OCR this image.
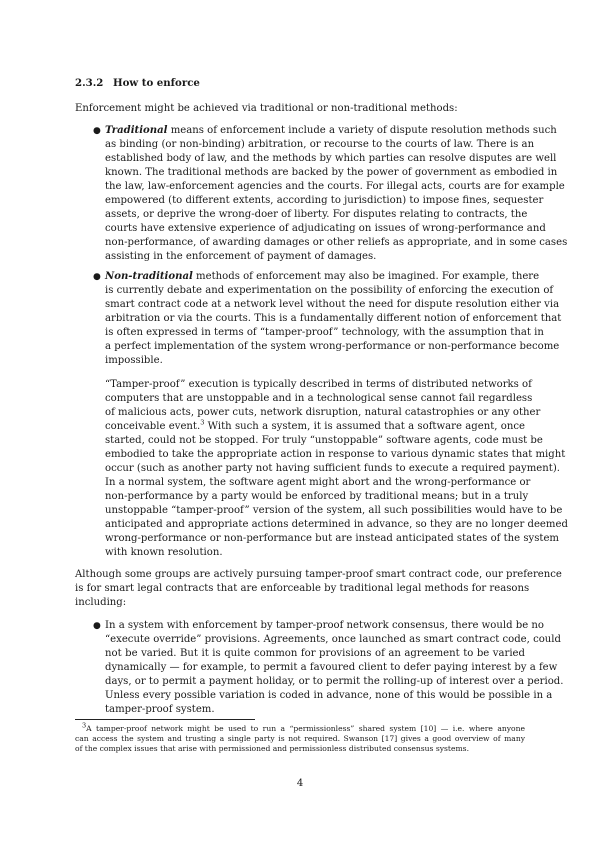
2.3.2 How to enforce
Enforcement might be achieved via traditional or non-traditional methods:
● Traditional means of enforcement include a variety of dispute resolution methods such
as binding (or non-binding) arbitration, or recourse to the courts of law. There is an
established body of law, and the methods by which parties can resolve disputes are well
known. The traditional methods are backed by the power of government as embodied in
the law, law-enforcement agencies and the courts. For illegal acts, courts are for example
empowered (to different extents, according to jurisdiction) to impose fines, sequester
assets, or deprive the wrong-doer of liberty. For disputes relating to contracts, the
courts have extensive experience of adjudicating on issues of wrong-performance and
non-performance, of awarding damages or other reliefs as appropriate, and in some cases
assisting in the enforcement of payment of damages.
● Non-traditional methods of enforcement may also be imagined. For example, there
is currently debate and experimentation on the possibility of enforcing the execution of
smart contract code at a network level without the need for dispute resolution either via
arbitration or via the courts. This is a fundamentally different notion of enforcement that
is often expressed in terms of “tamper-proof” technology, with the assumption that in
a perfect implementation of the system wrong-performance or non-performance become
impossible.
“Tamper-proof” execution is typically described in terms of distributed networks of
computers that are unstoppable and in a technological sense cannot fail regardless
of malicious acts, power cuts, network disruption, natural catastrophies or any other
conceivable event.$^3$ With such a system, it is assumed that a software agent, once
started, could not be stopped. For truly “unstoppable” software agents, code must be
embodied to take the appropriate action in response to various dynamic states that might
occur (such as another party not having sufficient funds to execute a required payment).
In a normal system, the software agent might abort and the wrong-performance or
non-performance by a party would be enforced by traditional means; but in a truly
unstoppable “tamper-proof” version of the system, all such possibilities would have to be
anticipated and appropriate actions determined in advance, so they are no longer deemed
wrong-performance or non-performance but are instead anticipated states of the system
with known resolution.
Although some groups are actively pursuing tamper-proof smart contract code, our preference
is for smart legal contracts that are enforceable by traditional legal methods for reasons
including:
● In a system with enforcement by tamper-proof network consensus, there would be no
“execute override” provisions. Agreements, once launched as smart contract code, could
not be varied. But it is quite common for provisions of an agreement to be varied
dynamically — for example, to permit a favoured client to defer paying interest by a few
days, or to permit a payment holiday, or to permit the rolling-up of interest over a period.
Unless every possible variation is coded in advance, none of this would be possible in a
tamper-proof system.
$^3$A tamper-proof network might be used to run a “permissionless” shared system [10] — i.e. where anyone
can access the system and trusting a single party is not required. Swanson [17] gives a good overview of many
of the complex issues that arise with permissioned and permissionless distributed consensus systems.
4
